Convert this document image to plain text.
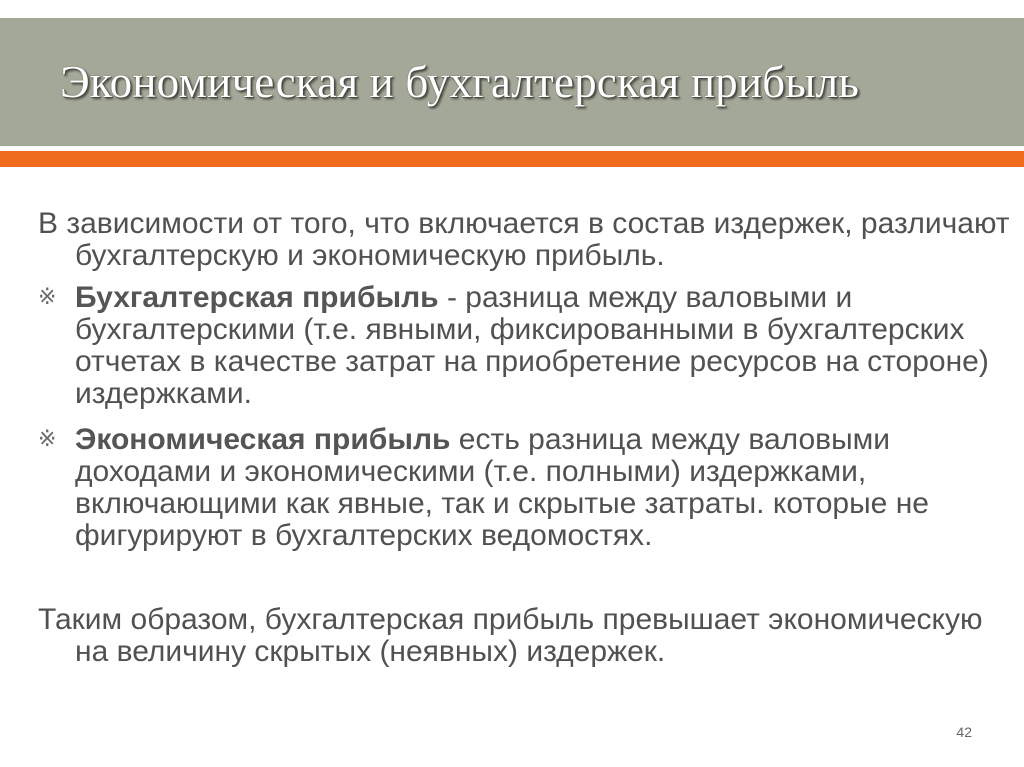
Экономическая и бухгалтерская прибыль

В зависимости от того, что включается в состав издержек, различают бухгалтерскую и экономическую прибыль.

※ Бухгалтерская прибыль - разница между валовыми и бухгалтерскими (т.е. явными, фиксированными в бухгалтерских отчетах в качестве затрат на приобретение ресурсов на стороне) издержками.
※ Экономическая прибыль есть разница между валовыми доходами и экономическими (т.е. полными) издержками, включающими как явные, так и скрытые затраты. которые не фигурируют в бухгалтерских ведомостях.

Таким образом, бухгалтерская прибыль превышает экономическую на величину скрытых (неявных) издержек.

42
